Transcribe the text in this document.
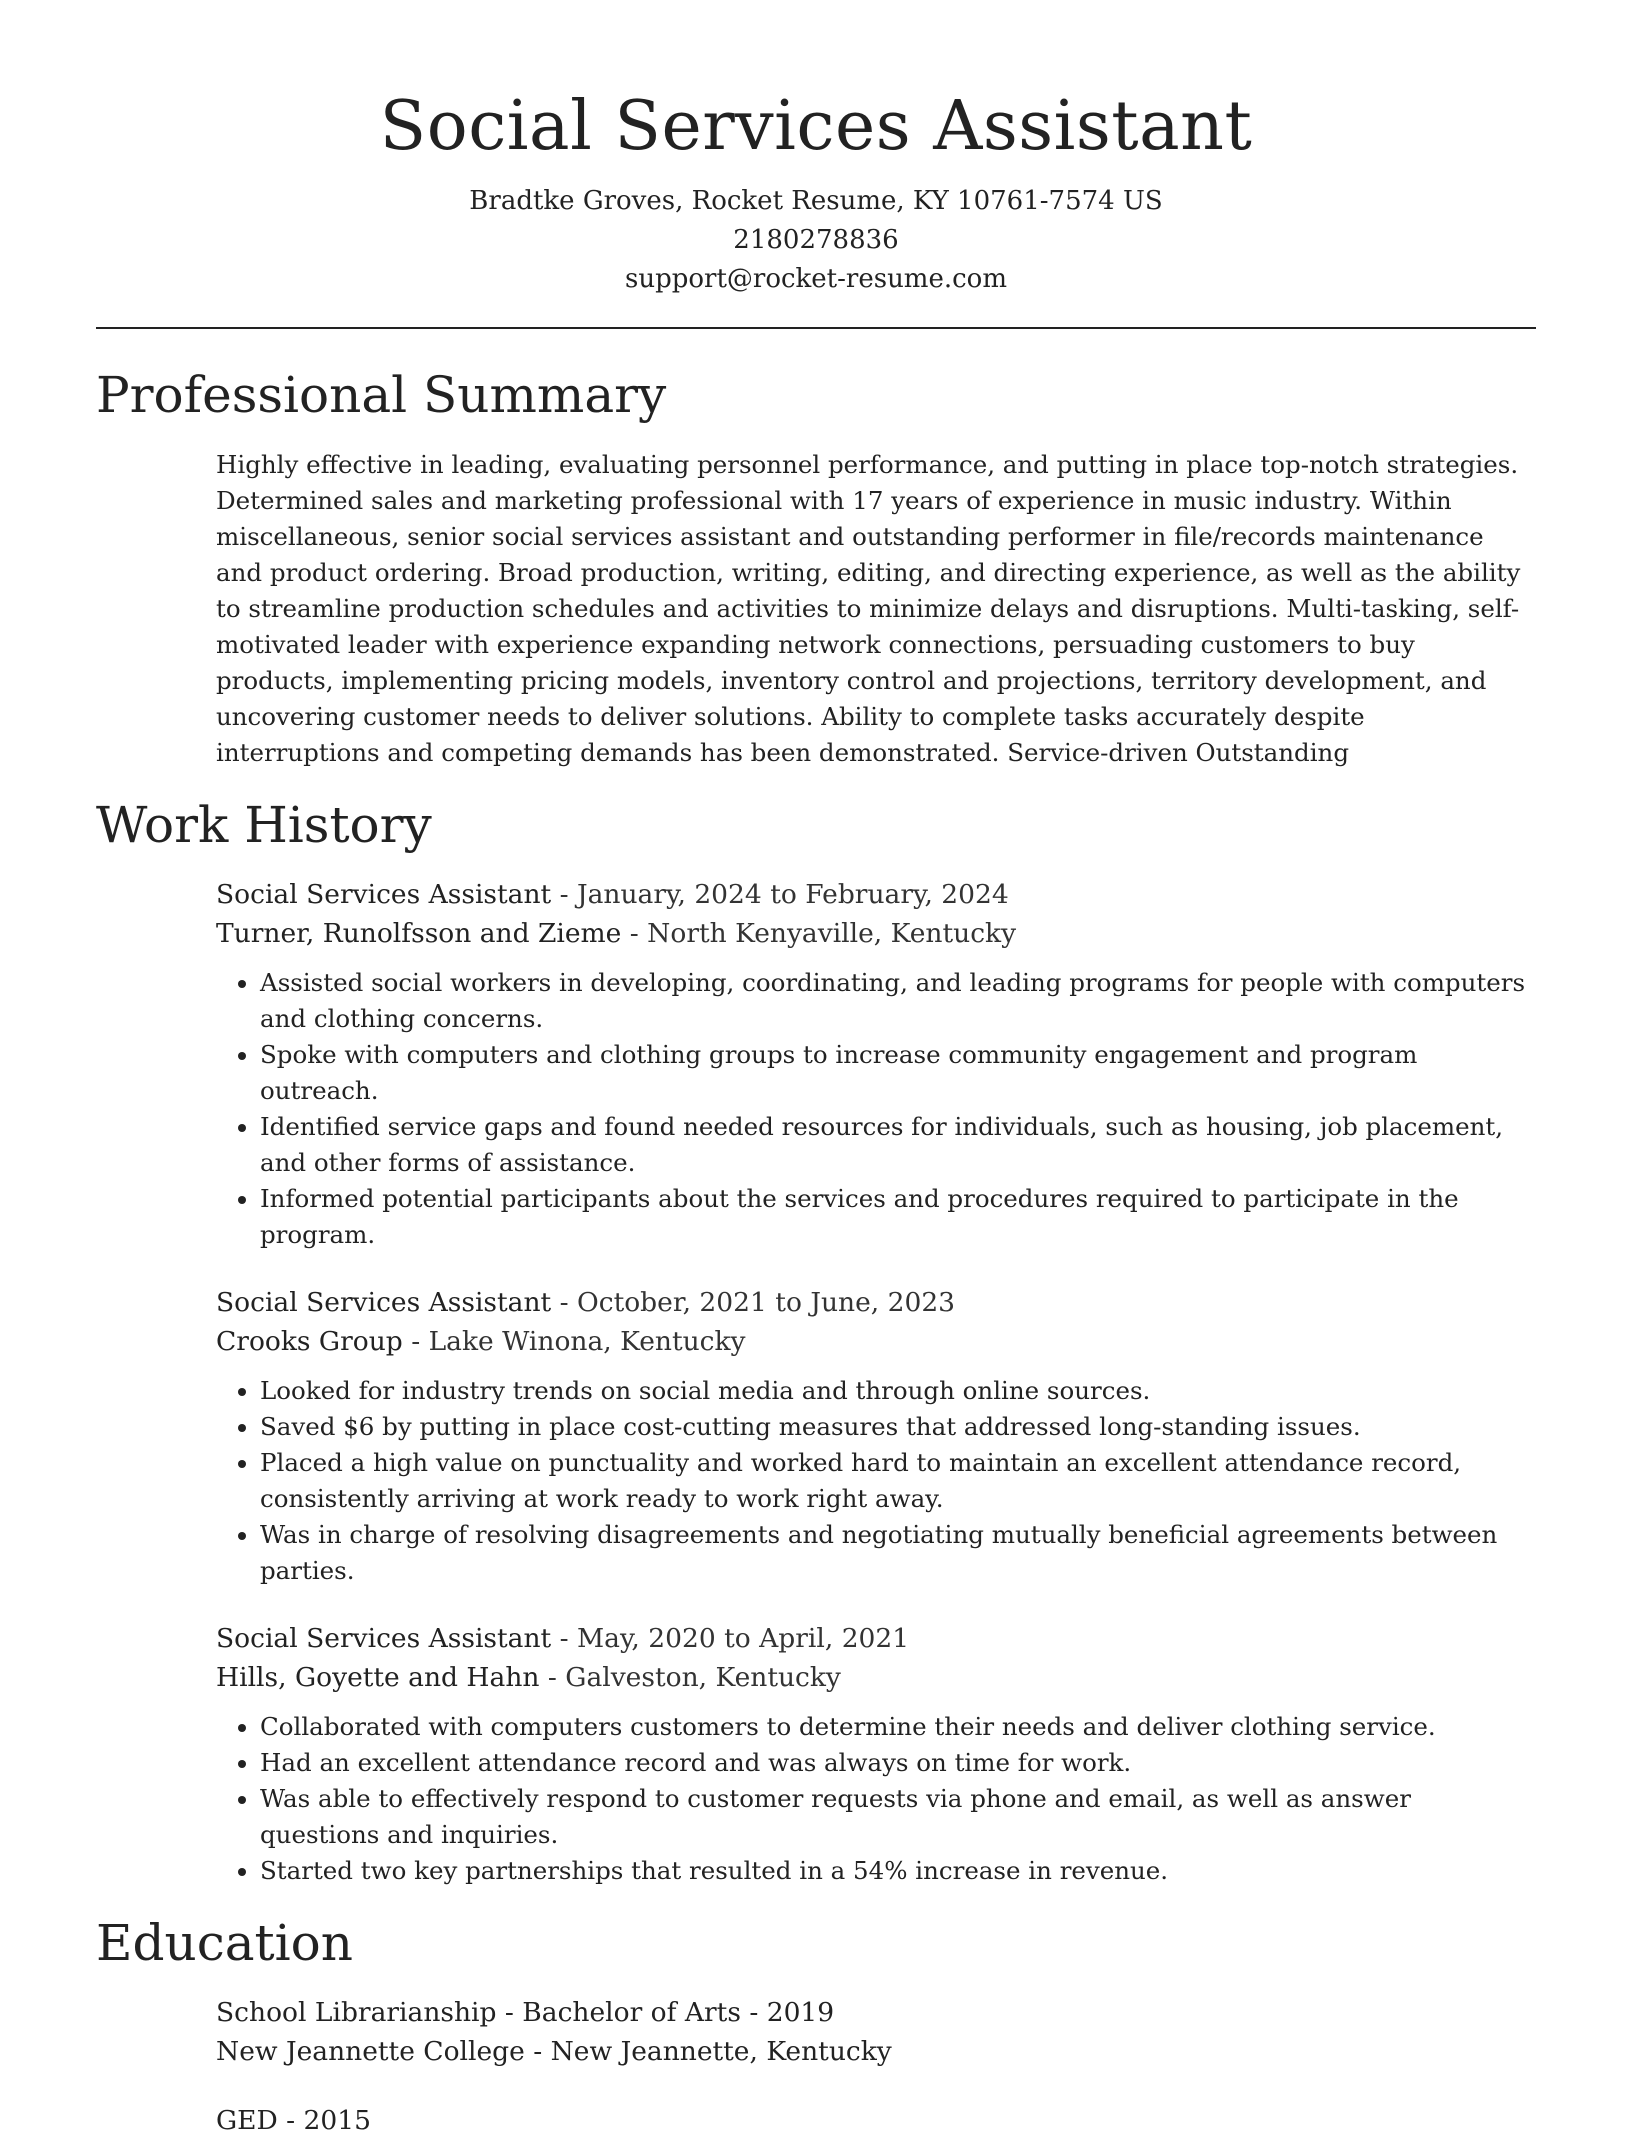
Social Services Assistant
Bradtke Groves, Rocket Resume, KY 10761-7574 US
2180278836
support@rocket-resume.com
Professional Summary
Highly effective in leading, evaluating personnel performance, and putting in place top-notch strategies. Determined sales and marketing professional with 17 years of experience in music industry. Within miscellaneous, senior social services assistant and outstanding performer in file/records maintenance and product ordering. Broad production, writing, editing, and directing experience, as well as the ability to streamline production schedules and activities to minimize delays and disruptions. Multi-tasking, self-motivated leader with experience expanding network connections, persuading customers to buy products, implementing pricing models, inventory control and projections, territory development, and uncovering customer needs to deliver solutions. Ability to complete tasks accurately despite interruptions and competing demands has been demonstrated. Service-driven Outstanding
Work History
Social Services Assistant - January, 2024 to February, 2024
Turner, Runolfsson and Zieme - North Kenyaville, Kentucky
• Assisted social workers in developing, coordinating, and leading programs for people with computers and clothing concerns.
• Spoke with computers and clothing groups to increase community engagement and program outreach.
• Identified service gaps and found needed resources for individuals, such as housing, job placement, and other forms of assistance.
• Informed potential participants about the services and procedures required to participate in the program.
Social Services Assistant - October, 2021 to June, 2023
Crooks Group - Lake Winona, Kentucky
• Looked for industry trends on social media and through online sources.
• Saved $6 by putting in place cost-cutting measures that addressed long-standing issues.
• Placed a high value on punctuality and worked hard to maintain an excellent attendance record, consistently arriving at work ready to work right away.
• Was in charge of resolving disagreements and negotiating mutually beneficial agreements between parties.
Social Services Assistant - May, 2020 to April, 2021
Hills, Goyette and Hahn - Galveston, Kentucky
• Collaborated with computers customers to determine their needs and deliver clothing service.
• Had an excellent attendance record and was always on time for work.
• Was able to effectively respond to customer requests via phone and email, as well as answer questions and inquiries.
• Started two key partnerships that resulted in a 54% increase in revenue.
Education
School Librarianship - Bachelor of Arts - 2019
New Jeannette College - New Jeannette, Kentucky
GED - 2015
